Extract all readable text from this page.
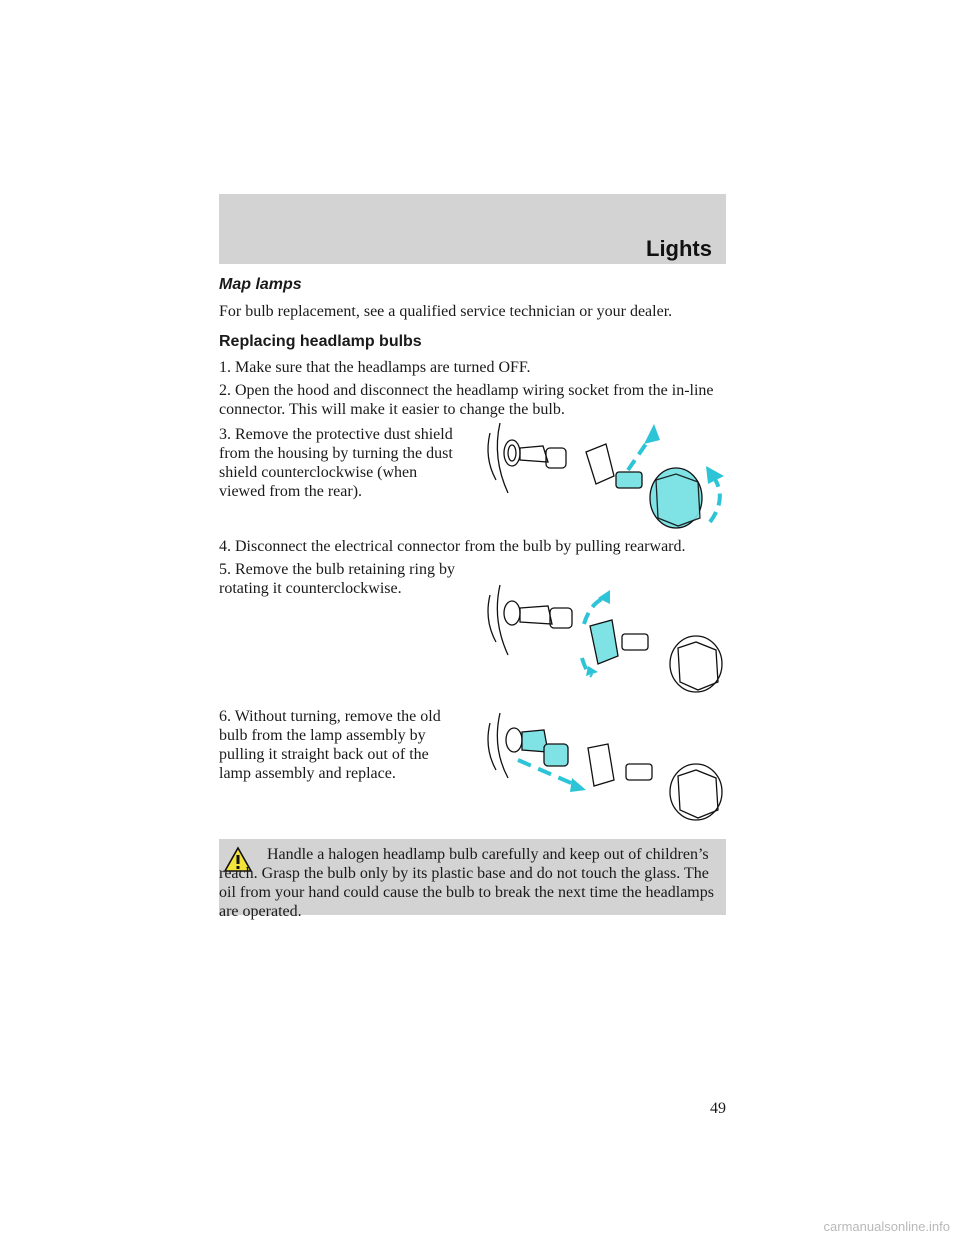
Lights
Map lamps

For bulb replacement, see a qualified service technician or your dealer.

Replacing headlamp bulbs

1. Make sure that the headlamps are turned OFF.

2. Open the hood and disconnect the headlamp wiring socket from the in-line connector. This will make it easier to change the bulb.

3. Remove the protective dust shield from the housing by turning the dust shield counterclockwise (when viewed from the rear).

4. Disconnect the electrical connector from the bulb by pulling rearward.

5. Remove the bulb retaining ring by rotating it counterclockwise.

6. Without turning, remove the old bulb from the lamp assembly by pulling it straight back out of the lamp assembly and replace.

Handle a halogen headlamp bulb carefully and keep out of children’s reach. Grasp the bulb only by its plastic base and do not touch the glass. The oil from your hand could cause the bulb to break the next time the headlamps are operated.

49
carmanualsonline.info
